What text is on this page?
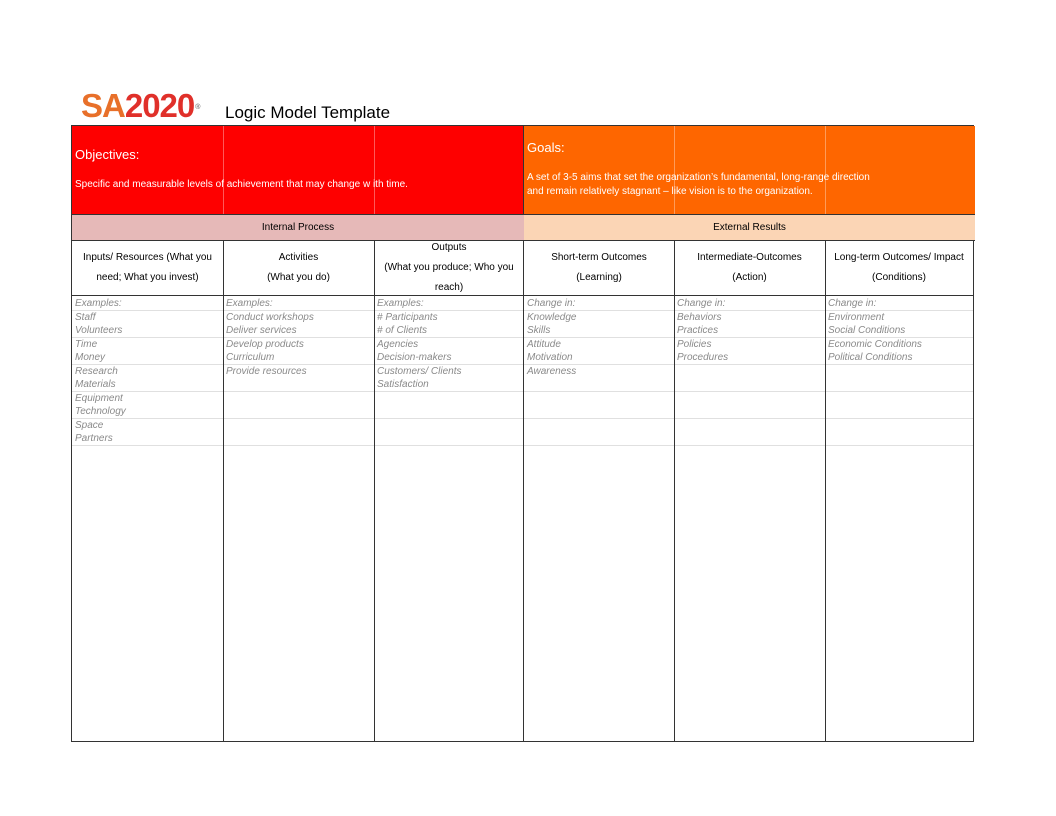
SA2020® Logic Model Template
Objectives:
Specific and measurable levels of achievement that may change w ith time.
Goals:
A set of 3-5 aims that set the organization’s fundamental, long-range direction
and remain relatively stagnant – like vision is to the organization.
Internal Process	External Results
Inputs/ Resources (What you need; What you invest)
Activities
(What you do)
Outputs
(What you produce; Who you reach)
Short-term Outcomes
(Learning)
Intermediate-Outcomes
(Action)
Long-term Outcomes/ Impact
(Conditions)
Examples:
Staff
Volunteers
Time
Money
Research
Materials
Equipment
Technology
Space
Partners
Examples:
Conduct workshops
Deliver services
Develop products
Curriculum
Provide resources
Examples:
# Participants
# of Clients
Agencies
Decision-makers
Customers/ Clients
Satisfaction
Change in:
Knowledge
Skills
Attitude
Motivation
Awareness
Change in:
Behaviors
Practices
Policies
Procedures
Change in:
Environment
Social Conditions
Economic Conditions
Political Conditions
